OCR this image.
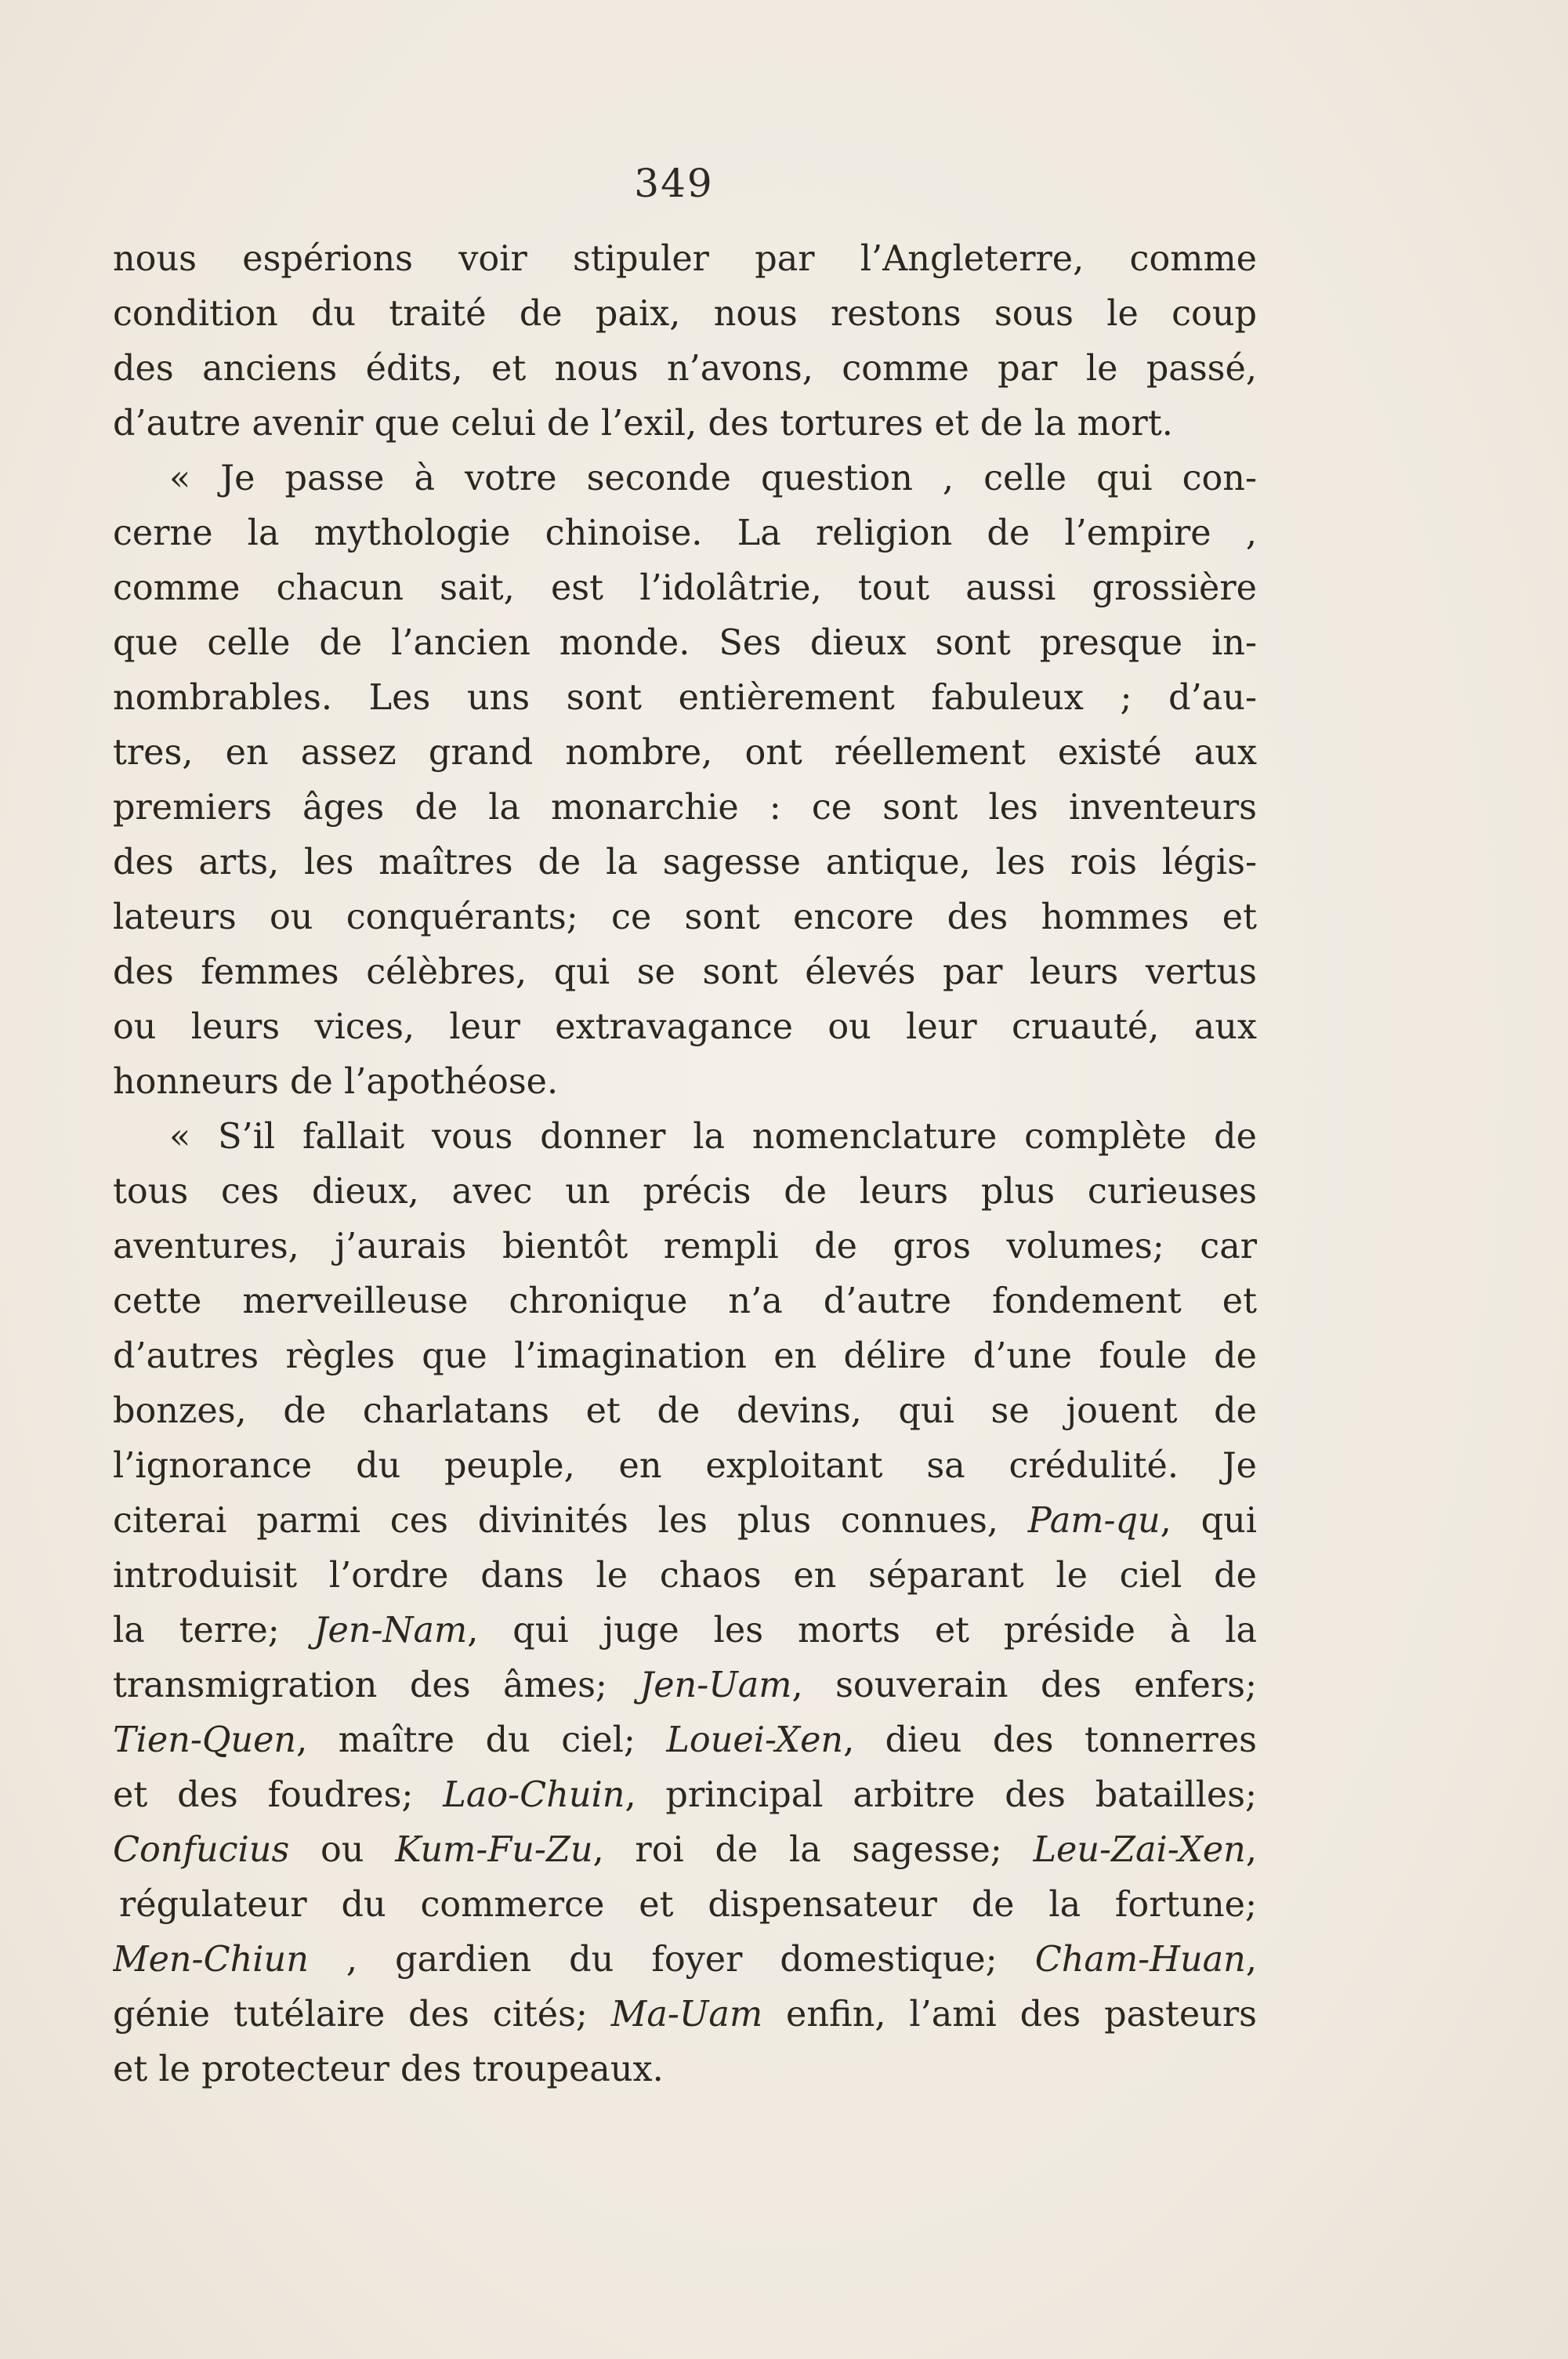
349
nous espérions voir stipuler par l’Angleterre, comme
condition du traité de paix, nous restons sous le coup
des anciens édits, et nous n’avons, comme par le passé,
d’autre avenir que celui de l’exil, des tortures et de la mort.
« Je passe à votre seconde question , celle qui con-
cerne la mythologie chinoise. La religion de l’empire ,
comme chacun sait, est l’idolâtrie, tout aussi grossière
que celle de l’ancien monde. Ses dieux sont presque in-
nombrables. Les uns sont entièrement fabuleux ; d’au-
tres, en assez grand nombre, ont réellement existé aux
premiers âges de la monarchie : ce sont les inventeurs
des arts, les maîtres de la sagesse antique, les rois légis-
lateurs ou conquérants; ce sont encore des hommes et
des femmes célèbres, qui se sont élevés par leurs vertus
ou leurs vices, leur extravagance ou leur cruauté, aux
honneurs de l’apothéose.
« S’il fallait vous donner la nomenclature complète de
tous ces dieux, avec un précis de leurs plus curieuses
aventures, j’aurais bientôt rempli de gros volumes; car
cette merveilleuse chronique n’a d’autre fondement et
d’autres règles que l’imagination en délire d’une foule de
bonzes, de charlatans et de devins, qui se jouent de
l’ignorance du peuple, en exploitant sa crédulité. Je
citerai parmi ces divinités les plus connues, Pam-qu, qui
introduisit l’ordre dans le chaos en séparant le ciel de
la terre; Jen-Nam, qui juge les morts et préside à la
transmigration des âmes; Jen-Uam, souverain des enfers;
Tien-Quen, maître du ciel; Louei-Xen, dieu des tonnerres
et des foudres; Lao-Chuin, principal arbitre des batailles;
Confucius ou Kum-Fu-Zu, roi de la sagesse; Leu-Zai-Xen,
régulateur du commerce et dispensateur de la fortune;
Men-Chiun , gardien du foyer domestique; Cham-Huan,
génie tutélaire des cités; Ma-Uam enfin, l’ami des pasteurs
et le protecteur des troupeaux.
